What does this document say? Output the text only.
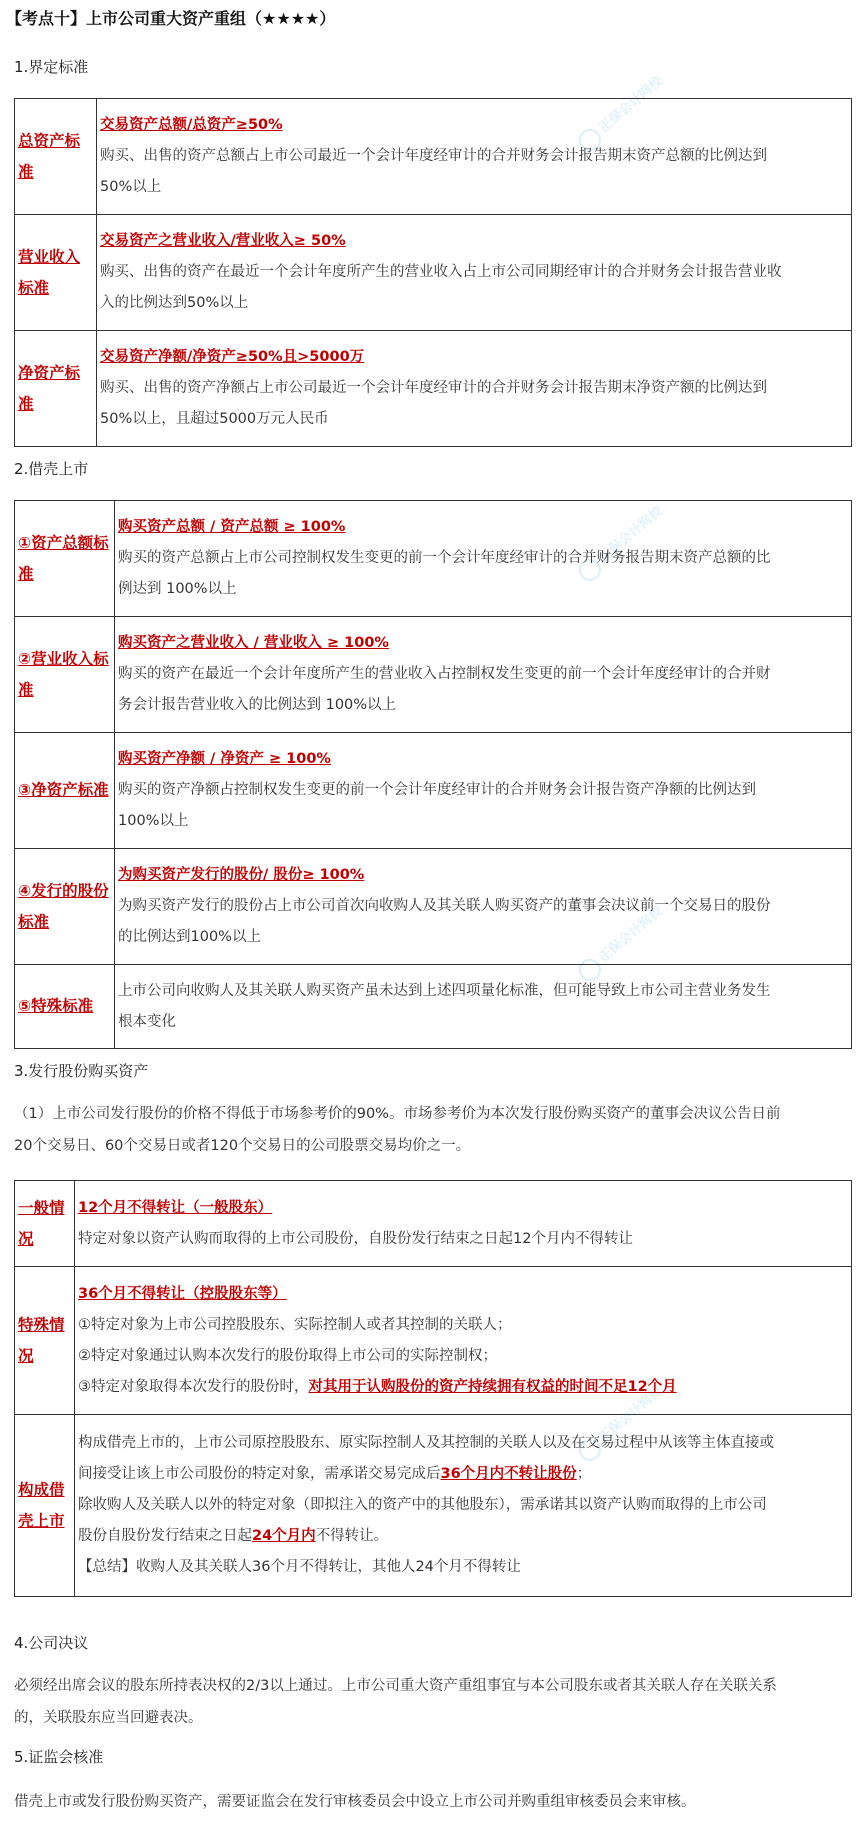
正保会计网校
正保会计网校
正保会计网校
正保会计网校
【考点十】上市公司重大资产重组（★★★★）
1.界定标准
总资产标准	交易资产总额/总资产≥50%
购买、出售的资产总额占上市公司最近一个会计年度经审计的合并财务会计报告期末资产总额的比例达到
50%以上

营业收入标准	交易资产之营业收入/营业收入≥ 50%
购买、出售的资产在最近一个会计年度所产生的营业收入占上市公司同期经审计的合并财务会计报告营业收
入的比例达到50%以上

净资产标准	交易资产净额/净资产≥50%且>5000万
购买、出售的资产净额占上市公司最近一个会计年度经审计的合并财务会计报告期末净资产额的比例达到
50%以上，且超过5000万元人民币
2.借壳上市
①资产总额标准	购买资产总额 / 资产总额 ≥ 100%
购买的资产总额占上市公司控制权发生变更的前一个会计年度经审计的合并财务报告期末资产总额的比
例达到 100%以上

②营业收入标准	购买资产之营业收入 / 营业收入 ≥ 100%
购买的资产在最近一个会计年度所产生的营业收入占控制权发生变更的前一个会计年度经审计的合并财
务会计报告营业收入的比例达到 100%以上

③净资产标准	购买资产净额 / 净资产 ≥ 100%
购买的资产净额占控制权发生变更的前一个会计年度经审计的合并财务会计报告资产净额的比例达到
100%以上

④发行的股份标准	为购买资产发行的股份/ 股份≥ 100%
为购买资产发行的股份占上市公司首次向收购人及其关联人购买资产的董事会决议前一个交易日的股份
的比例达到100%以上

⑤特殊标准	上市公司向收购人及其关联人购买资产虽未达到上述四项量化标准，但可能导致上市公司主营业务发生
根本变化
3.发行股份购买资产
（1）上市公司发行股份的价格不得低于市场参考价的90%。市场参考价为本次发行股份购买资产的董事会决议公告日前
20个交易日、60个交易日或者120个交易日的公司股票交易均价之一。
一般情况	12个月不得转让（一般股东）
特定对象以资产认购而取得的上市公司股份，自股份发行结束之日起12个月内不得转让

特殊情况	36个月不得转让（控股股东等）
①特定对象为上市公司控股股东、实际控制人或者其控制的关联人；
②特定对象通过认购本次发行的股份取得上市公司的实际控制权；
③特定对象取得本次发行的股份时，对其用于认购股份的资产持续拥有权益的时间不足12个月

构成借壳上市	构成借壳上市的，上市公司原控股股东、原实际控制人及其控制的关联人以及在交易过程中从该等主体直接或
间接受让该上市公司股份的特定对象，需承诺交易完成后36个月内不转让股份；
除收购人及关联人以外的特定对象（即拟注入的资产中的其他股东），需承诺其以资产认购而取得的上市公司
股份自股份发行结束之日起24个月内不得转让。
【总结】收购人及其关联人36个月不得转让，其他人24个月不得转让
4.公司决议
必须经出席会议的股东所持表决权的2/3以上通过。上市公司重大资产重组事宜与本公司股东或者其关联人存在关联关系
的，关联股东应当回避表决。
5.证监会核准
借壳上市或发行股份购买资产，需要证监会在发行审核委员会中设立上市公司并购重组审核委员会来审核。
